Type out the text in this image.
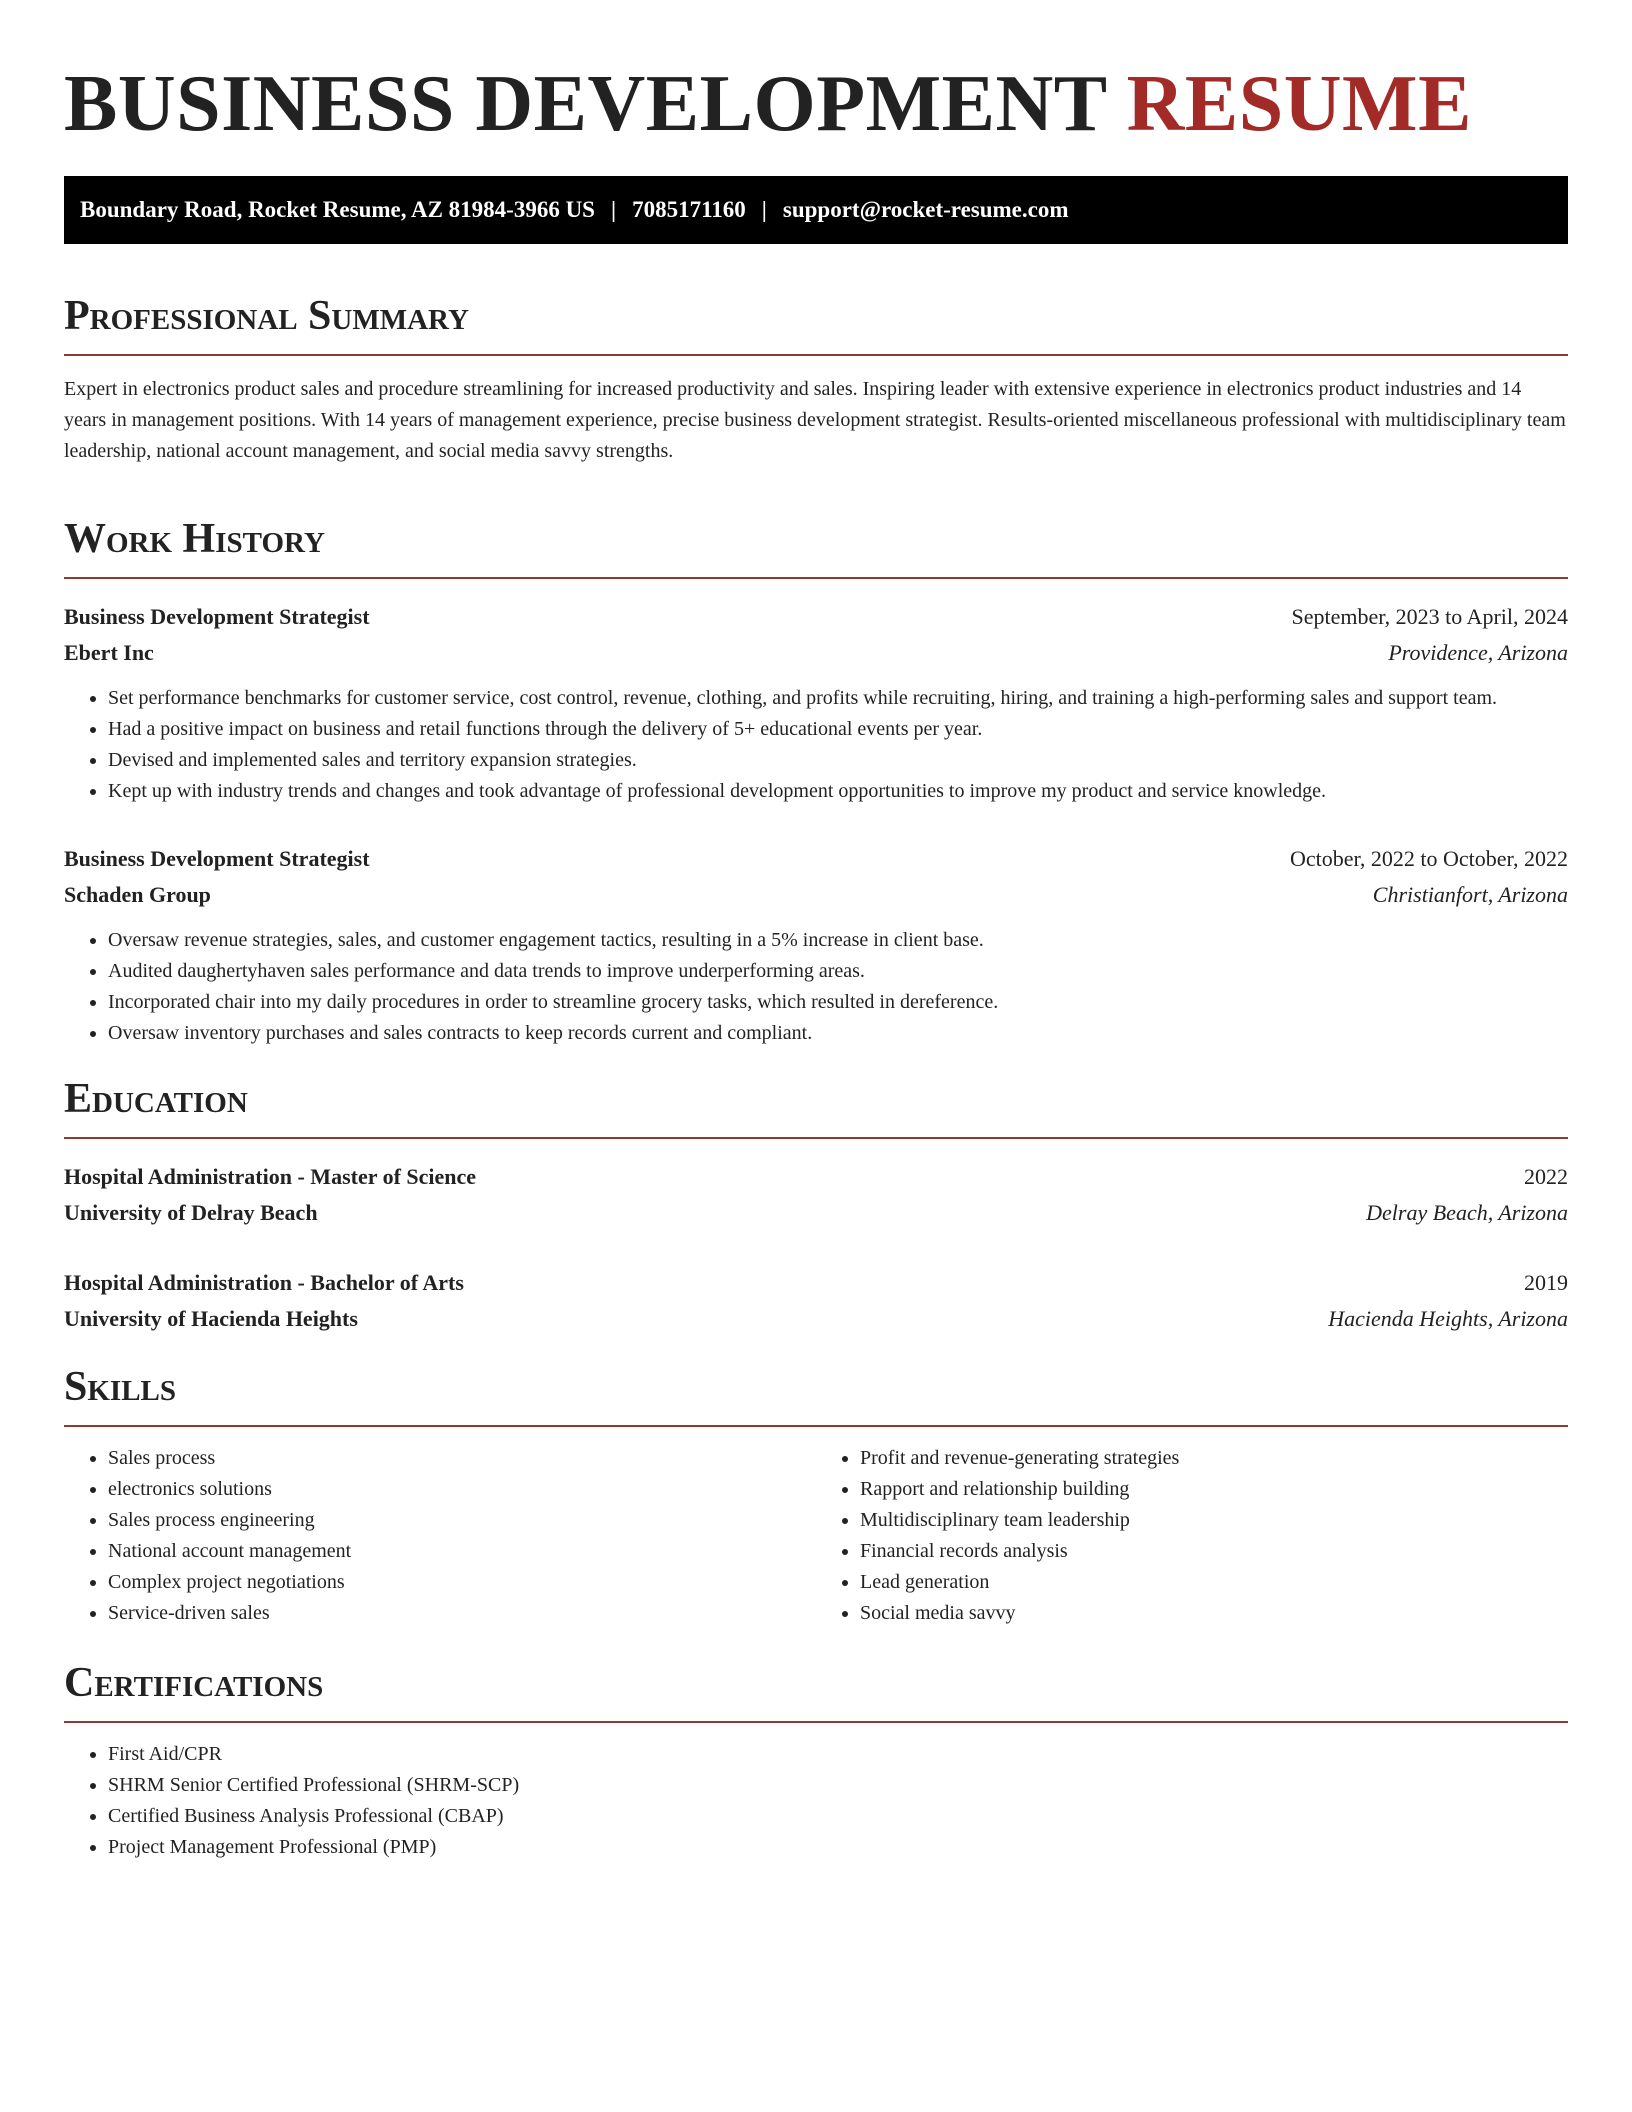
BUSINESS DEVELOPMENT RESUME
Boundary Road, Rocket Resume, AZ 81984-3966 US | 7085171160 | support@rocket-resume.com
Professional Summary

Expert in electronics product sales and procedure streamlining for increased productivity and sales. Inspiring leader with extensive experience in electronics product industries and 14 years in management positions. With 14 years of management experience, precise business development strategist. Results-oriented miscellaneous professional with multidisciplinary team leadership, national account management, and social media savvy strengths.

Work History
Business Development Strategist	September, 2023 to April, 2024
Ebert Inc	Providence, Arizona
• Set performance benchmarks for customer service, cost control, revenue, clothing, and profits while recruiting, hiring, and training a high-performing sales and support team.
• Had a positive impact on business and retail functions through the delivery of 5+ educational events per year.
• Devised and implemented sales and territory expansion strategies.
• Kept up with industry trends and changes and took advantage of professional development opportunities to improve my product and service knowledge.
Business Development Strategist	October, 2022 to October, 2022
Schaden Group	Christianfort, Arizona
• Oversaw revenue strategies, sales, and customer engagement tactics, resulting in a 5% increase in client base.
• Audited daughertyhaven sales performance and data trends to improve underperforming areas.
• Incorporated chair into my daily procedures in order to streamline grocery tasks, which resulted in dereference.
• Oversaw inventory purchases and sales contracts to keep records current and compliant.
Education
Hospital Administration - Master of Science	2022
University of Delray Beach	Delray Beach, Arizona
Hospital Administration - Bachelor of Arts	2019
University of Hacienda Heights	Hacienda Heights, Arizona
Skills
• Sales process
• electronics solutions
• Sales process engineering
• National account management
• Complex project negotiations
• Service-driven sales
• Profit and revenue-generating strategies
• Rapport and relationship building
• Multidisciplinary team leadership
• Financial records analysis
• Lead generation
• Social media savvy
Certifications
• First Aid/CPR
• SHRM Senior Certified Professional (SHRM-SCP)
• Certified Business Analysis Professional (CBAP)
• Project Management Professional (PMP)
